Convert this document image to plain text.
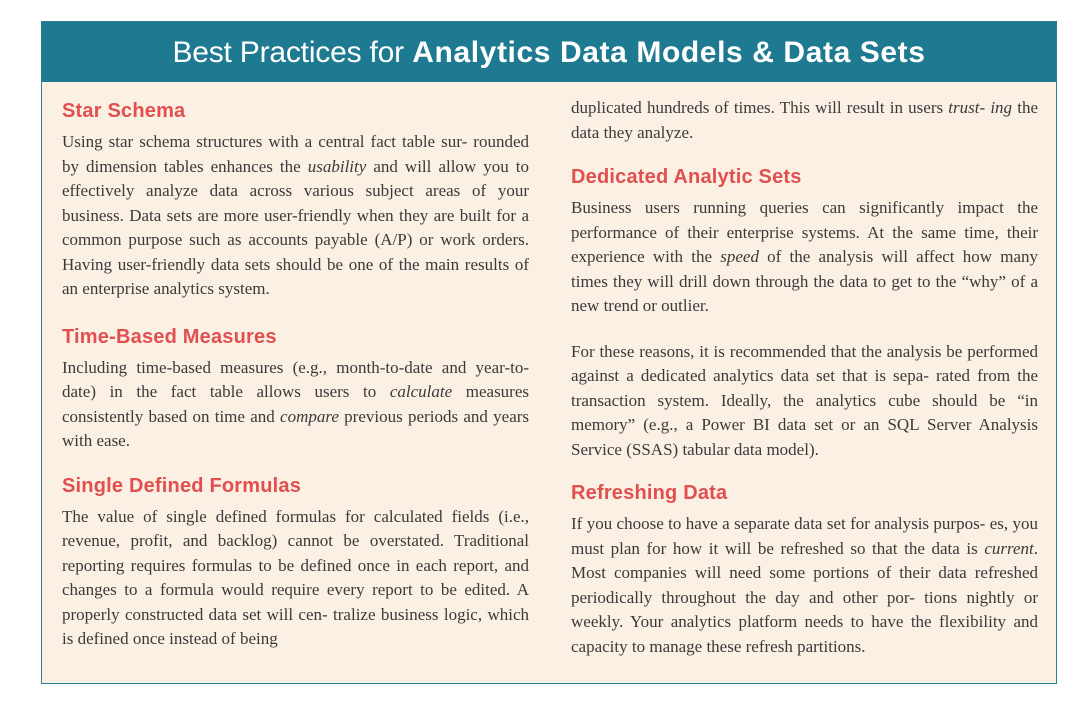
Best Practices for Analytics Data Models & Data Sets
Star Schema

Using star schema structures with a central fact table sur- rounded by dimension tables enhances the usability and will allow you to effectively analyze data across various subject areas of your business. Data sets are more user-friendly when they are built for a common purpose such as accounts payable (A/P) or work orders. Having user-friendly data sets should be one of the main results of an enterprise analytics system.

Time-Based Measures

Including time-based measures (e.g., month-to-date and year-to-date) in the fact table allows users to calculate measures consistently based on time and compare previous periods and years with ease.

Single Defined Formulas

The value of single defined formulas for calculated fields (i.e., revenue, profit, and backlog) cannot be overstated. Traditional reporting requires formulas to be defined once in each report, and changes to a formula would require every report to be edited. A properly constructed data set will cen- tralize business logic, which is defined once instead of being

duplicated hundreds of times. This will result in users trust- ing the data they analyze.

Dedicated Analytic Sets

Business users running queries can significantly impact the performance of their enterprise systems. At the same time, their experience with the speed of the analysis will affect how many times they will drill down through the data to get to the “why” of a new trend or outlier.

For these reasons, it is recommended that the analysis be performed against a dedicated analytics data set that is sepa- rated from the transaction system. Ideally, the analytics cube should be “in memory” (e.g., a Power BI data set or an SQL Server Analysis Service (SSAS) tabular data model).

Refreshing Data

If you choose to have a separate data set for analysis purpos- es, you must plan for how it will be refreshed so that the data is current. Most companies will need some portions of their data refreshed periodically throughout the day and other por- tions nightly or weekly. Your analytics platform needs to have the flexibility and capacity to manage these refresh partitions.
